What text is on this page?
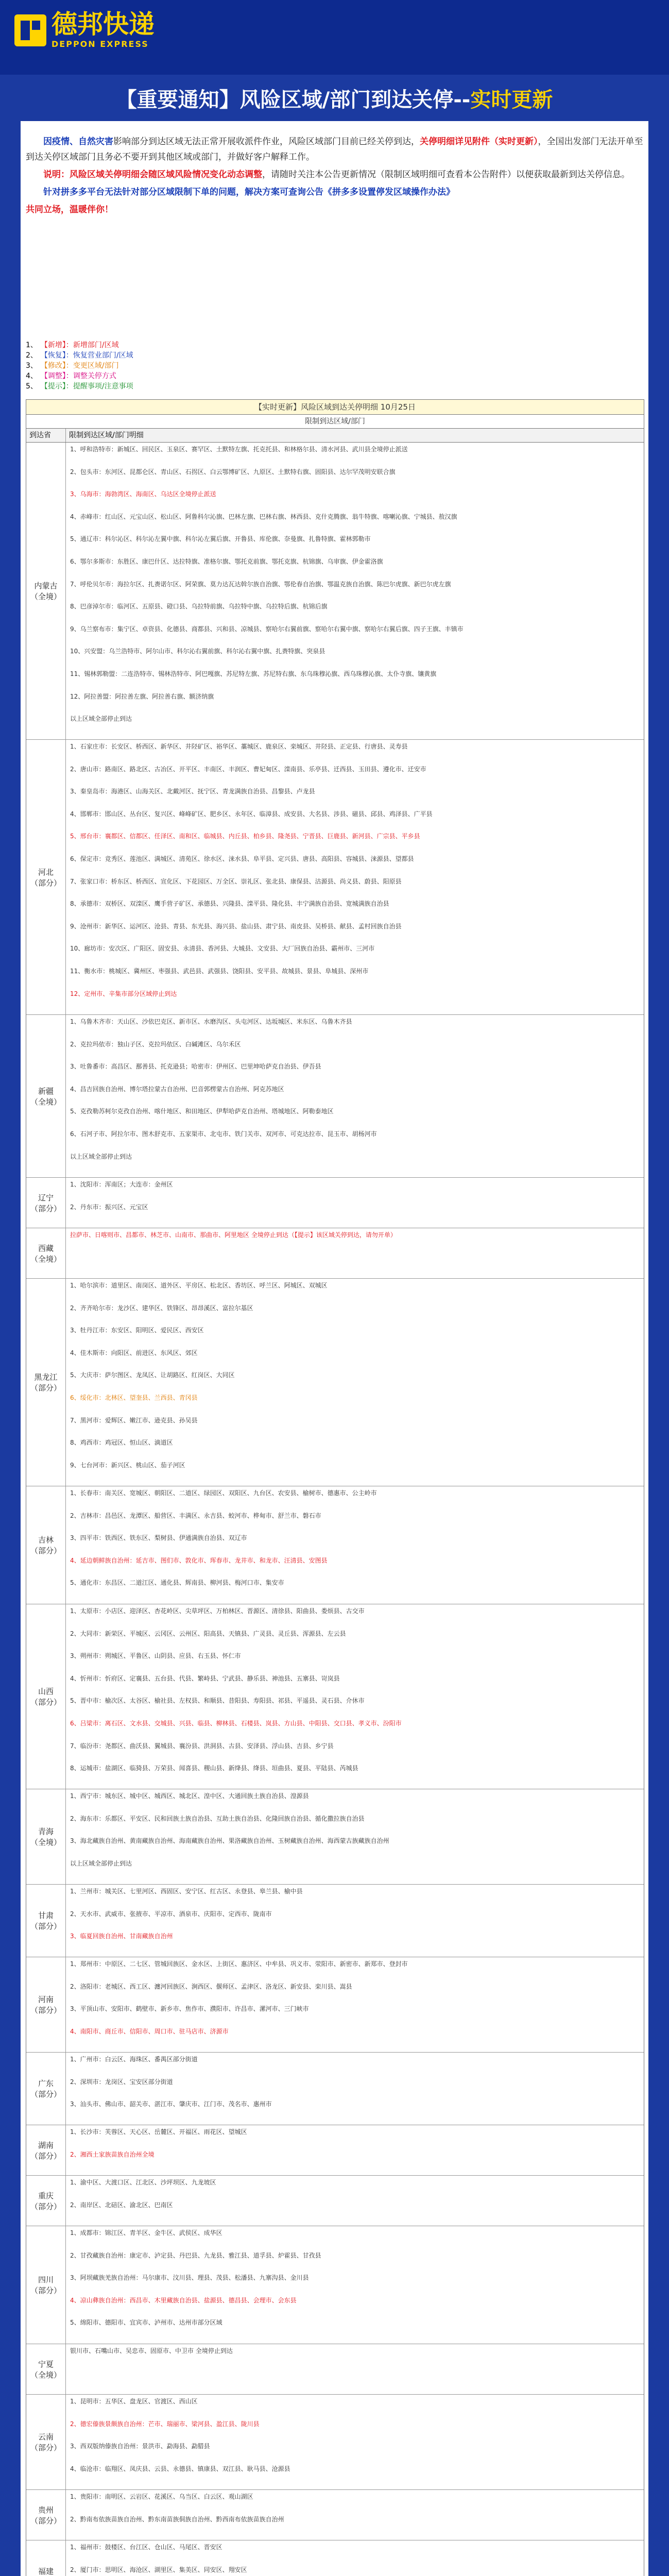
德邦快递
DEPPON EXPRESS
【重要通知】风险区域/部门到达关停-- 实时更新

因疫情、自然灾害影响部分到达区域无法正常开展收派件作业，风险区域部门目前已经关停到达，关停明细详见附件（实时更新），全国出发部门无法开单至到达关停区域部门且务必不要开到其他区域或部门，并做好客户解释工作。

说明：风险区域关停明细会随区域风险情况变化动态调整，请随时关注本公告更新情况（限制区域明细可查看本公告附件）以便获取最新到达关停信息。

针对拼多多平台无法针对部分区域限制下单的问题，解决方案可查询公告《拼多多设置停发区域操作办法》

共同立场，温暖伴你！

1、 【新增】：新增部门/区域
2、 【恢复】：恢复营业部门/区域
3、 【修改】：变更区域/部门
4、 【调整】：调整关停方式
5、 【提示】：提醒事项/注意事项
【实时更新】风险区域到达关停明细 10月25日
限制到达区域/部门
到达省	限制到达区域/部门明细
内蒙古
（全境）
1、呼和浩特市：新城区、回民区、玉泉区、赛罕区、土默特左旗、托克托县、和林格尔县、清水河县、武川县全境停止派送
2、包头市：东河区、昆都仑区、青山区、石拐区、白云鄂博矿区、九原区、土默特右旗、固阳县、达尔罕茂明安联合旗
3、乌海市：海勃湾区、海南区、乌达区全境停止派送
4、赤峰市：红山区、元宝山区、松山区、阿鲁科尔沁旗、巴林左旗、巴林右旗、林西县、克什克腾旗、翁牛特旗、喀喇沁旗、宁城县、敖汉旗
5、通辽市：科尔沁区、科尔沁左翼中旗、科尔沁左翼后旗、开鲁县、库伦旗、奈曼旗、扎鲁特旗、霍林郭勒市
6、鄂尔多斯市：东胜区、康巴什区、达拉特旗、准格尔旗、鄂托克前旗、鄂托克旗、杭锦旗、乌审旗、伊金霍洛旗
7、呼伦贝尔市：海拉尔区、扎赉诺尔区、阿荣旗、莫力达瓦达斡尔族自治旗、鄂伦春自治旗、鄂温克族自治旗、陈巴尔虎旗、新巴尔虎左旗
8、巴彦淖尔市：临河区、五原县、磴口县、乌拉特前旗、乌拉特中旗、乌拉特后旗、杭锦后旗
9、乌兰察布市：集宁区、卓资县、化德县、商都县、兴和县、凉城县、察哈尔右翼前旗、察哈尔右翼中旗、察哈尔右翼后旗、四子王旗、丰镇市
10、兴安盟：乌兰浩特市、阿尔山市、科尔沁右翼前旗、科尔沁右翼中旗、扎赉特旗、突泉县
11、锡林郭勒盟：二连浩特市、锡林浩特市、阿巴嘎旗、苏尼特左旗、苏尼特右旗、东乌珠穆沁旗、西乌珠穆沁旗、太仆寺旗、镶黄旗
12、阿拉善盟：阿拉善左旗、阿拉善右旗、额济纳旗
以上区域全部停止到达
河北
（部分）
1、石家庄市：长安区、桥西区、新华区、井陉矿区、裕华区、藁城区、鹿泉区、栾城区、井陉县、正定县、行唐县、灵寿县
2、唐山市：路南区、路北区、古冶区、开平区、丰南区、丰润区、曹妃甸区、滦南县、乐亭县、迁西县、玉田县、遵化市、迁安市
3、秦皇岛市：海港区、山海关区、北戴河区、抚宁区、青龙满族自治县、昌黎县、卢龙县
4、邯郸市：邯山区、丛台区、复兴区、峰峰矿区、肥乡区、永年区、临漳县、成安县、大名县、涉县、磁县、邱县、鸡泽县、广平县
5、邢台市：襄都区、信都区、任泽区、南和区、临城县、内丘县、柏乡县、隆尧县、宁晋县、巨鹿县、新河县、广宗县、平乡县
6、保定市：竞秀区、莲池区、满城区、清苑区、徐水区、涞水县、阜平县、定兴县、唐县、高阳县、容城县、涞源县、望都县
7、张家口市：桥东区、桥西区、宣化区、下花园区、万全区、崇礼区、张北县、康保县、沽源县、尚义县、蔚县、阳原县
8、承德市：双桥区、双滦区、鹰手营子矿区、承德县、兴隆县、滦平县、隆化县、丰宁满族自治县、宽城满族自治县
9、沧州市：新华区、运河区、沧县、青县、东光县、海兴县、盐山县、肃宁县、南皮县、吴桥县、献县、孟村回族自治县
10、廊坊市：安次区、广阳区、固安县、永清县、香河县、大城县、文安县、大厂回族自治县、霸州市、三河市
11、衡水市：桃城区、冀州区、枣强县、武邑县、武强县、饶阳县、安平县、故城县、景县、阜城县、深州市
12、定州市、辛集市部分区域停止到达
新疆
（全境）
1、乌鲁木齐市：天山区、沙依巴克区、新市区、水磨沟区、头屯河区、达坂城区、米东区、乌鲁木齐县
2、克拉玛依市：独山子区、克拉玛依区、白碱滩区、乌尔禾区
3、吐鲁番市：高昌区、鄯善县、托克逊县；哈密市：伊州区、巴里坤哈萨克自治县、伊吾县
4、昌吉回族自治州、博尔塔拉蒙古自治州、巴音郭楞蒙古自治州、阿克苏地区
5、克孜勒苏柯尔克孜自治州、喀什地区、和田地区、伊犁哈萨克自治州、塔城地区、阿勒泰地区
6、石河子市、阿拉尔市、图木舒克市、五家渠市、北屯市、铁门关市、双河市、可克达拉市、昆玉市、胡杨河市
以上区域全部停止到达
辽宁
（部分）
1、沈阳市：浑南区；大连市：金州区
2、丹东市：振兴区、元宝区
西藏
（全境）
拉萨市、日喀则市、昌都市、林芝市、山南市、那曲市、阿里地区 全境停止到达（【提示】该区域关停到达，请勿开单）
黑龙江
（部分）
1、哈尔滨市：道里区、南岗区、道外区、平房区、松北区、香坊区、呼兰区、阿城区、双城区
2、齐齐哈尔市：龙沙区、建华区、铁锋区、昂昂溪区、富拉尔基区
3、牡丹江市：东安区、阳明区、爱民区、西安区
4、佳木斯市：向阳区、前进区、东风区、郊区
5、大庆市：萨尔图区、龙凤区、让胡路区、红岗区、大同区
6、绥化市：北林区、望奎县、兰西县、青冈县
7、黑河市：爱辉区、嫩江市、逊克县、孙吴县
8、鸡西市：鸡冠区、恒山区、滴道区
9、七台河市：新兴区、桃山区、茄子河区
吉林
（部分）
1、长春市：南关区、宽城区、朝阳区、二道区、绿园区、双阳区、九台区、农安县、榆树市、德惠市、公主岭市
2、吉林市：昌邑区、龙潭区、船营区、丰满区、永吉县、蛟河市、桦甸市、舒兰市、磐石市
3、四平市：铁西区、铁东区、梨树县、伊通满族自治县、双辽市
4、延边朝鲜族自治州：延吉市、图们市、敦化市、珲春市、龙井市、和龙市、汪清县、安图县
5、通化市：东昌区、二道江区、通化县、辉南县、柳河县、梅河口市、集安市
山西
（部分）
1、太原市：小店区、迎泽区、杏花岭区、尖草坪区、万柏林区、晋源区、清徐县、阳曲县、娄烦县、古交市
2、大同市：新荣区、平城区、云冈区、云州区、阳高县、天镇县、广灵县、灵丘县、浑源县、左云县
3、朔州市：朔城区、平鲁区、山阴县、应县、右玉县、怀仁市
4、忻州市：忻府区、定襄县、五台县、代县、繁峙县、宁武县、静乐县、神池县、五寨县、岢岚县
5、晋中市：榆次区、太谷区、榆社县、左权县、和顺县、昔阳县、寿阳县、祁县、平遥县、灵石县、介休市
6、吕梁市：离石区、文水县、交城县、兴县、临县、柳林县、石楼县、岚县、方山县、中阳县、交口县、孝义市、汾阳市
7、临汾市：尧都区、曲沃县、翼城县、襄汾县、洪洞县、古县、安泽县、浮山县、吉县、乡宁县
8、运城市：盐湖区、临猗县、万荣县、闻喜县、稷山县、新绛县、绛县、垣曲县、夏县、平陆县、芮城县
青海
（全境）
1、西宁市：城东区、城中区、城西区、城北区、湟中区、大通回族土族自治县、湟源县
2、海东市：乐都区、平安区、民和回族土族自治县、互助土族自治县、化隆回族自治县、循化撒拉族自治县
3、海北藏族自治州、黄南藏族自治州、海南藏族自治州、果洛藏族自治州、玉树藏族自治州、海西蒙古族藏族自治州
以上区域全部停止到达
甘肃
（部分）
1、兰州市：城关区、七里河区、西固区、安宁区、红古区、永登县、皋兰县、榆中县
2、天水市、武威市、张掖市、平凉市、酒泉市、庆阳市、定西市、陇南市
3、临夏回族自治州、甘南藏族自治州
河南
（部分）
1、郑州市：中原区、二七区、管城回族区、金水区、上街区、惠济区、中牟县、巩义市、荥阳市、新密市、新郑市、登封市
2、洛阳市：老城区、西工区、瀍河回族区、涧西区、偃师区、孟津区、洛龙区、新安县、栾川县、嵩县
3、平顶山市、安阳市、鹤壁市、新乡市、焦作市、濮阳市、许昌市、漯河市、三门峡市
4、南阳市、商丘市、信阳市、周口市、驻马店市、济源市
广东
（部分）
1、广州市：白云区、海珠区、番禺区部分街道
2、深圳市：龙岗区、宝安区部分街道
3、汕头市、佛山市、韶关市、湛江市、肇庆市、江门市、茂名市、惠州市
湖南
（部分）
1、长沙市：芙蓉区、天心区、岳麓区、开福区、雨花区、望城区
2、湘西土家族苗族自治州全境
重庆
（部分）
1、渝中区、大渡口区、江北区、沙坪坝区、九龙坡区
2、南岸区、北碚区、渝北区、巴南区
四川
（部分）
1、成都市：锦江区、青羊区、金牛区、武侯区、成华区
2、甘孜藏族自治州：康定市、泸定县、丹巴县、九龙县、雅江县、道孚县、炉霍县、甘孜县
3、阿坝藏族羌族自治州：马尔康市、汶川县、理县、茂县、松潘县、九寨沟县、金川县
4、凉山彝族自治州：西昌市、木里藏族自治县、盐源县、德昌县、会理市、会东县
5、绵阳市、德阳市、宜宾市、泸州市、达州市部分区域
宁夏
（全境）
银川市、石嘴山市、吴忠市、固原市、中卫市 全境停止到达
云南
（部分）
1、昆明市：五华区、盘龙区、官渡区、西山区
2、德宏傣族景颇族自治州：芒市、瑞丽市、梁河县、盈江县、陇川县
3、西双版纳傣族自治州：景洪市、勐海县、勐腊县
4、临沧市：临翔区、凤庆县、云县、永德县、镇康县、双江县、耿马县、沧源县
贵州
（部分）
1、贵阳市：南明区、云岩区、花溪区、乌当区、白云区、观山湖区
2、黔南布依族苗族自治州、黔东南苗族侗族自治州、黔西南布依族苗族自治州
福建

1、福州市：鼓楼区、台江区、仓山区、马尾区、晋安区
2、厦门市：思明区、海沧区、湖里区、集美区、同安区、翔安区
